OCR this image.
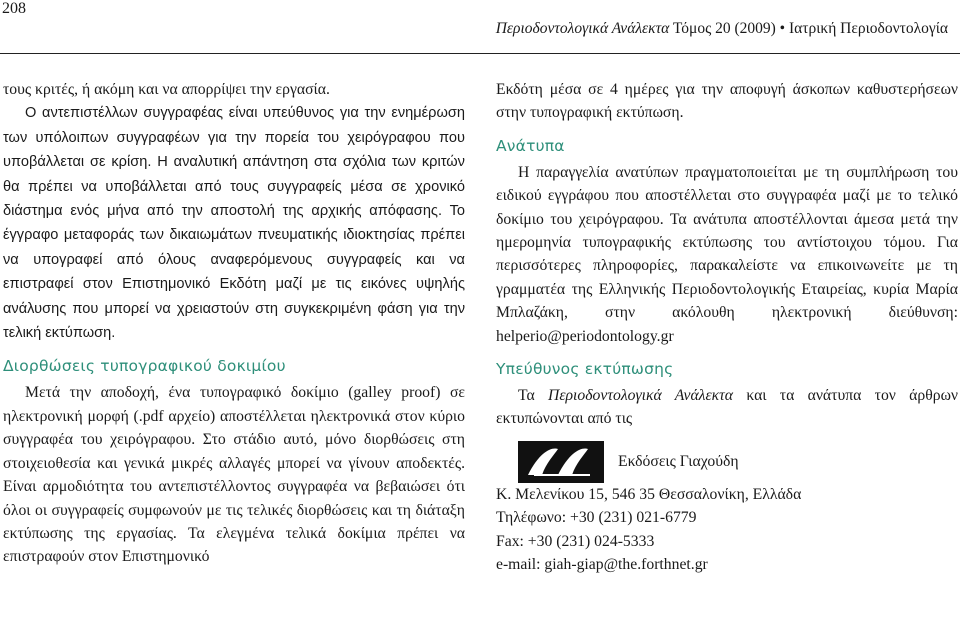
208
Περιοδοντολογικά Ανάλεκτα Τόμος 20 (2009) • Ιατρική Περιοδοντολογία

τους κριτές, ή ακόμη και να απορρίψει την εργασία.

Ο αντεπιστέλλων συγγραφέας είναι υπεύθυνος για την ενημέρωση των υπόλοιπων συγγραφέων για την πορεία του χειρόγραφου που υποβάλλεται σε κρίση. Η αναλυτική απάντηση στα σχόλια των κριτών θα πρέπει να υποβάλλεται από τους συγγραφείς μέσα σε χρονικό διάστημα ενός μήνα από την αποστολή της αρχικής απόφασης. Το έγγραφο μεταφοράς των δικαιωμάτων πνευματικής ιδιοκτησίας πρέπει να υπογραφεί από όλους αναφερόμενους συγγραφείς και να επιστραφεί στον Επιστημονικό Εκδότη μαζί με τις εικόνες υψηλής ανάλυσης που μπορεί να χρειαστούν στη συγκεκριμένη φάση για την τελική εκτύπωση.

Διορθώσεις τυπογραφικού δοκιμίου

Μετά την αποδοχή, ένα τυπογραφικό δοκίμιο (galley proof) σε ηλεκτρονική μορφή (.pdf αρχείο) αποστέλλεται ηλεκτρονικά στον κύριο συγγραφέα του χειρόγραφου. Στο στάδιο αυτό, μόνο διορθώσεις στη στοιχειοθεσία και γενικά μικρές αλλαγές μπορεί να γίνουν αποδεκτές. Είναι αρμοδιότητα του αντεπιστέλλοντος συγγραφέα να βεβαιώσει ότι όλοι οι συγγραφείς συμφωνούν με τις τελικές διορθώσεις και τη διάταξη εκτύπωσης της εργασίας. Τα ελεγμένα τελικά δοκίμια πρέπει να επιστραφούν στον Επιστημονικό

Εκδότη μέσα σε 4 ημέρες για την αποφυγή άσκοπων καθυστερήσεων στην τυπογραφική εκτύπωση.

Ανάτυπα

Η παραγγελία ανατύπων πραγματοποιείται με τη συμπλήρωση του ειδικού εγγράφου που αποστέλλεται στο συγγραφέα μαζί με το τελικό δοκίμιο του χειρόγραφου. Τα ανάτυπα αποστέλλονται άμεσα μετά την ημερομηνία τυπογραφικής εκτύπωσης του αντίστοιχου τόμου. Για περισσότερες πληροφορίες, παρακαλείστε να επικοινωνείτε με τη γραμματέα της Ελληνικής Περιοδοντολογικής Εταιρείας, κυρία Μαρία Μπλαζάκη, στην ακόλουθη ηλεκτρονική διεύθυνση: helperio@periodontology.gr

Υπεύθυνος εκτύπωσης

Τα Περιοδοντολογικά Ανάλεκτα και τα ανάτυπα τον άρθρων εκτυπώνονται από τις

Εκδόσεις Γιαχούδη

Κ. Μελενίκου 15, 546 35 Θεσσαλονίκη, Ελλάδα

Τηλέφωνο: +30 (231) 021-6779

Fax: +30 (231) 024-5333

e-mail: giah-giap@the.forthnet.gr
